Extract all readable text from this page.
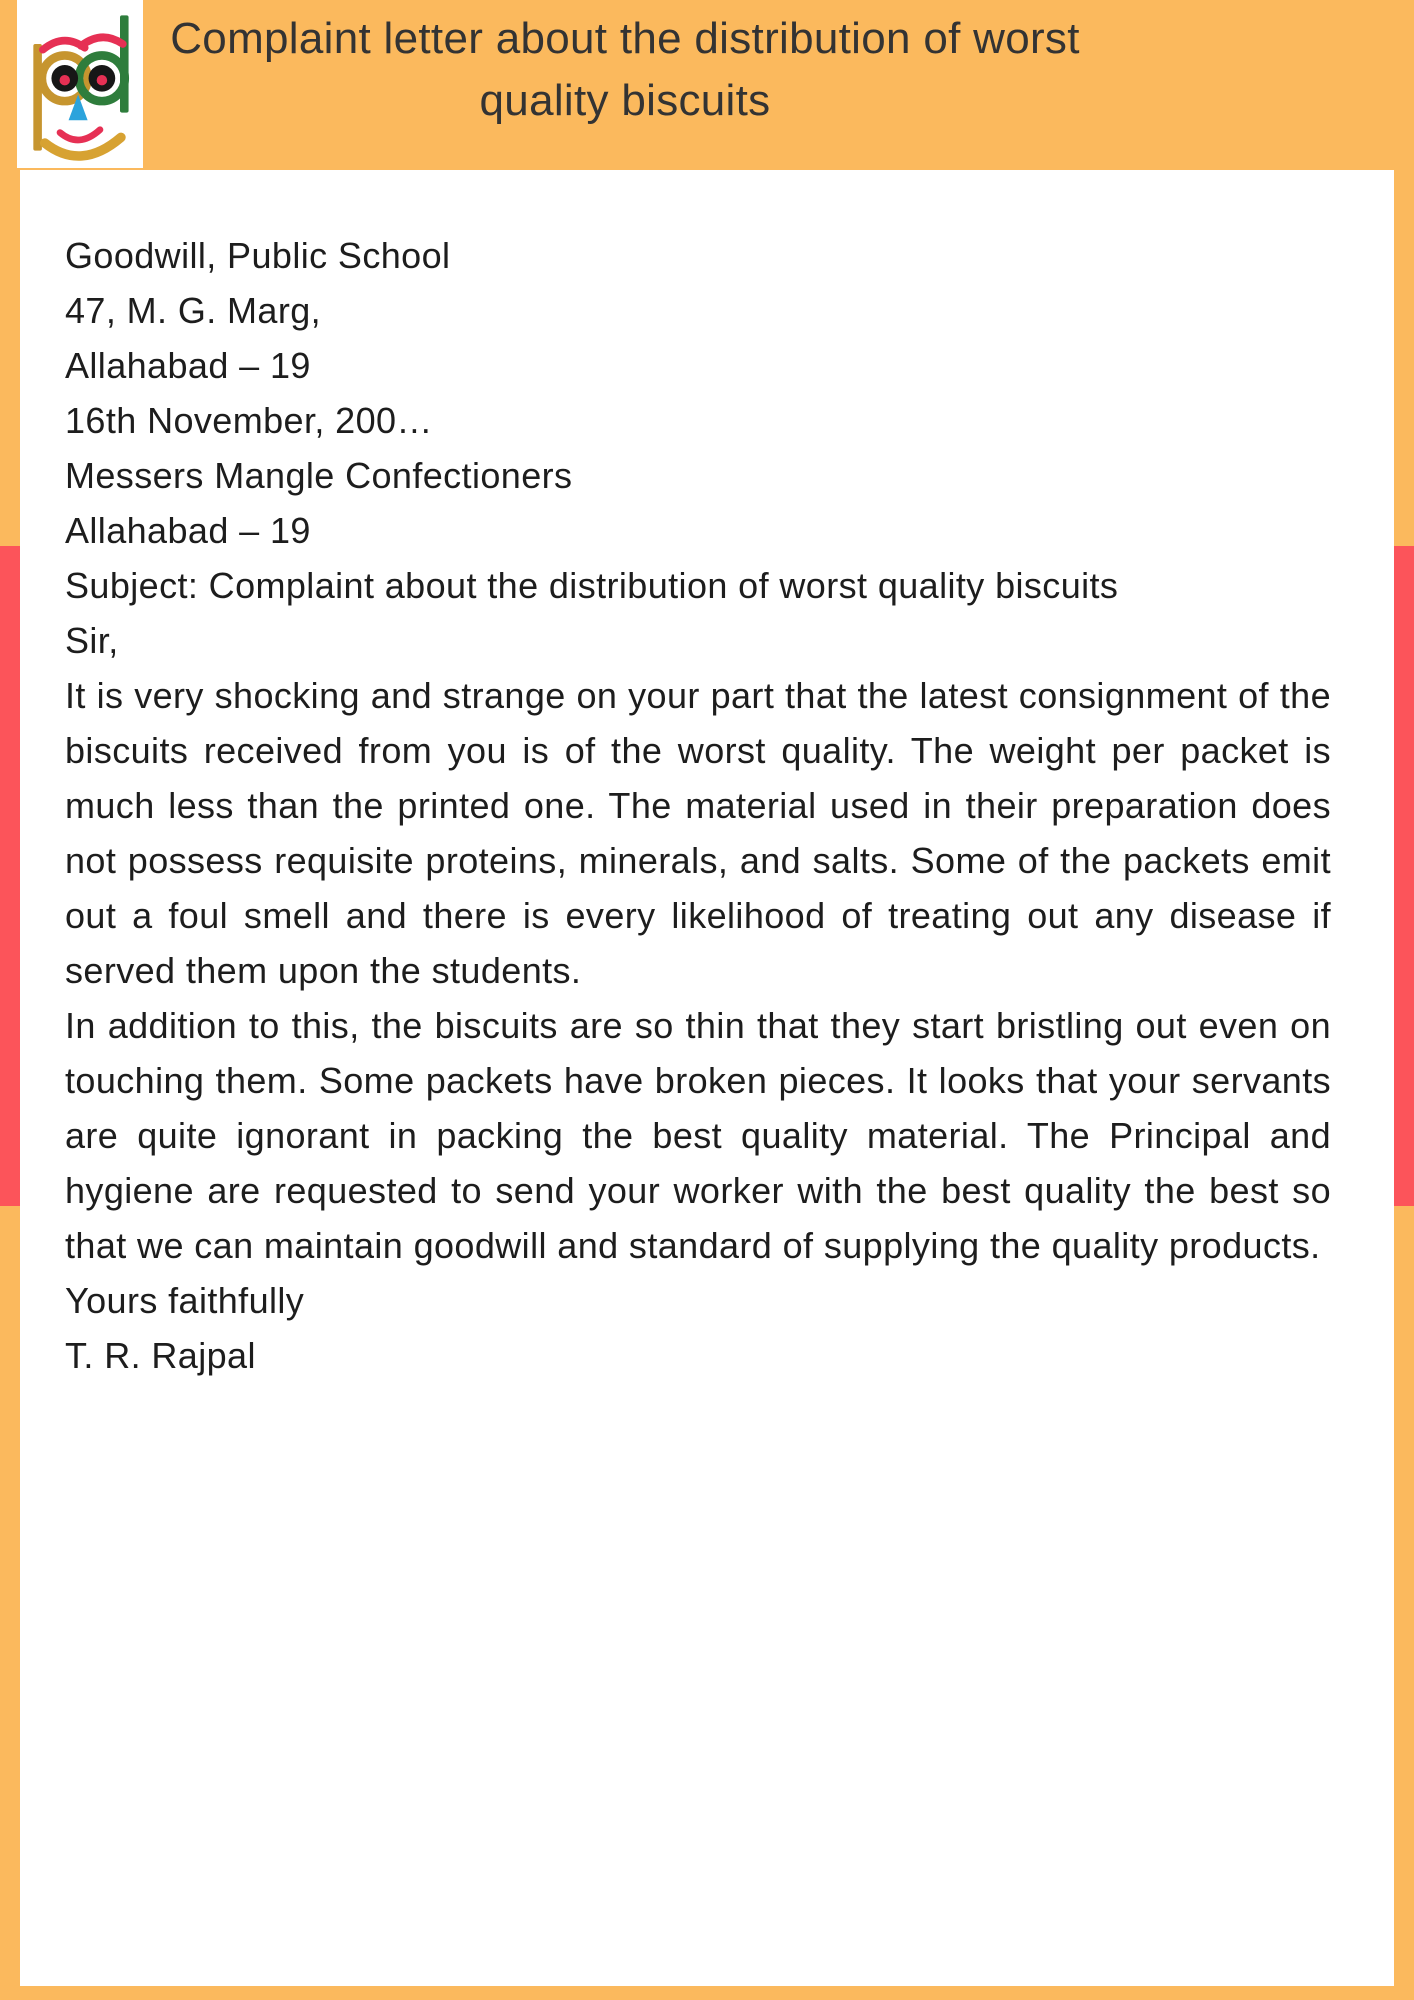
Complaint letter about the distribution of worst
quality biscuits
Goodwill, Public School
47, M. G. Marg,
Allahabad – 19
16th November, 200…
Messers Mangle Confectioners
Allahabad – 19

Subject: Complaint about the distribution of worst quality biscuits

Sir,

It is very shocking and strange on your part that the latest consignment of the biscuits received from you is of the worst quality. The weight per packet is much less than the printed one. The material used in their preparation does not possess requisite proteins, minerals, and salts. Some of the packets emit out a foul smell and there is every likelihood of treating out any disease if served them upon the students.

In addition to this, the biscuits are so thin that they start bristling out even on touching them. Some packets have broken pieces. It looks that your servants are quite ignorant in packing the best quality material. The Principal and hygiene are requested to send your worker with the best quality the best so that we can maintain goodwill and standard of supplying the quality products.

Yours faithfully
T. R. Rajpal
